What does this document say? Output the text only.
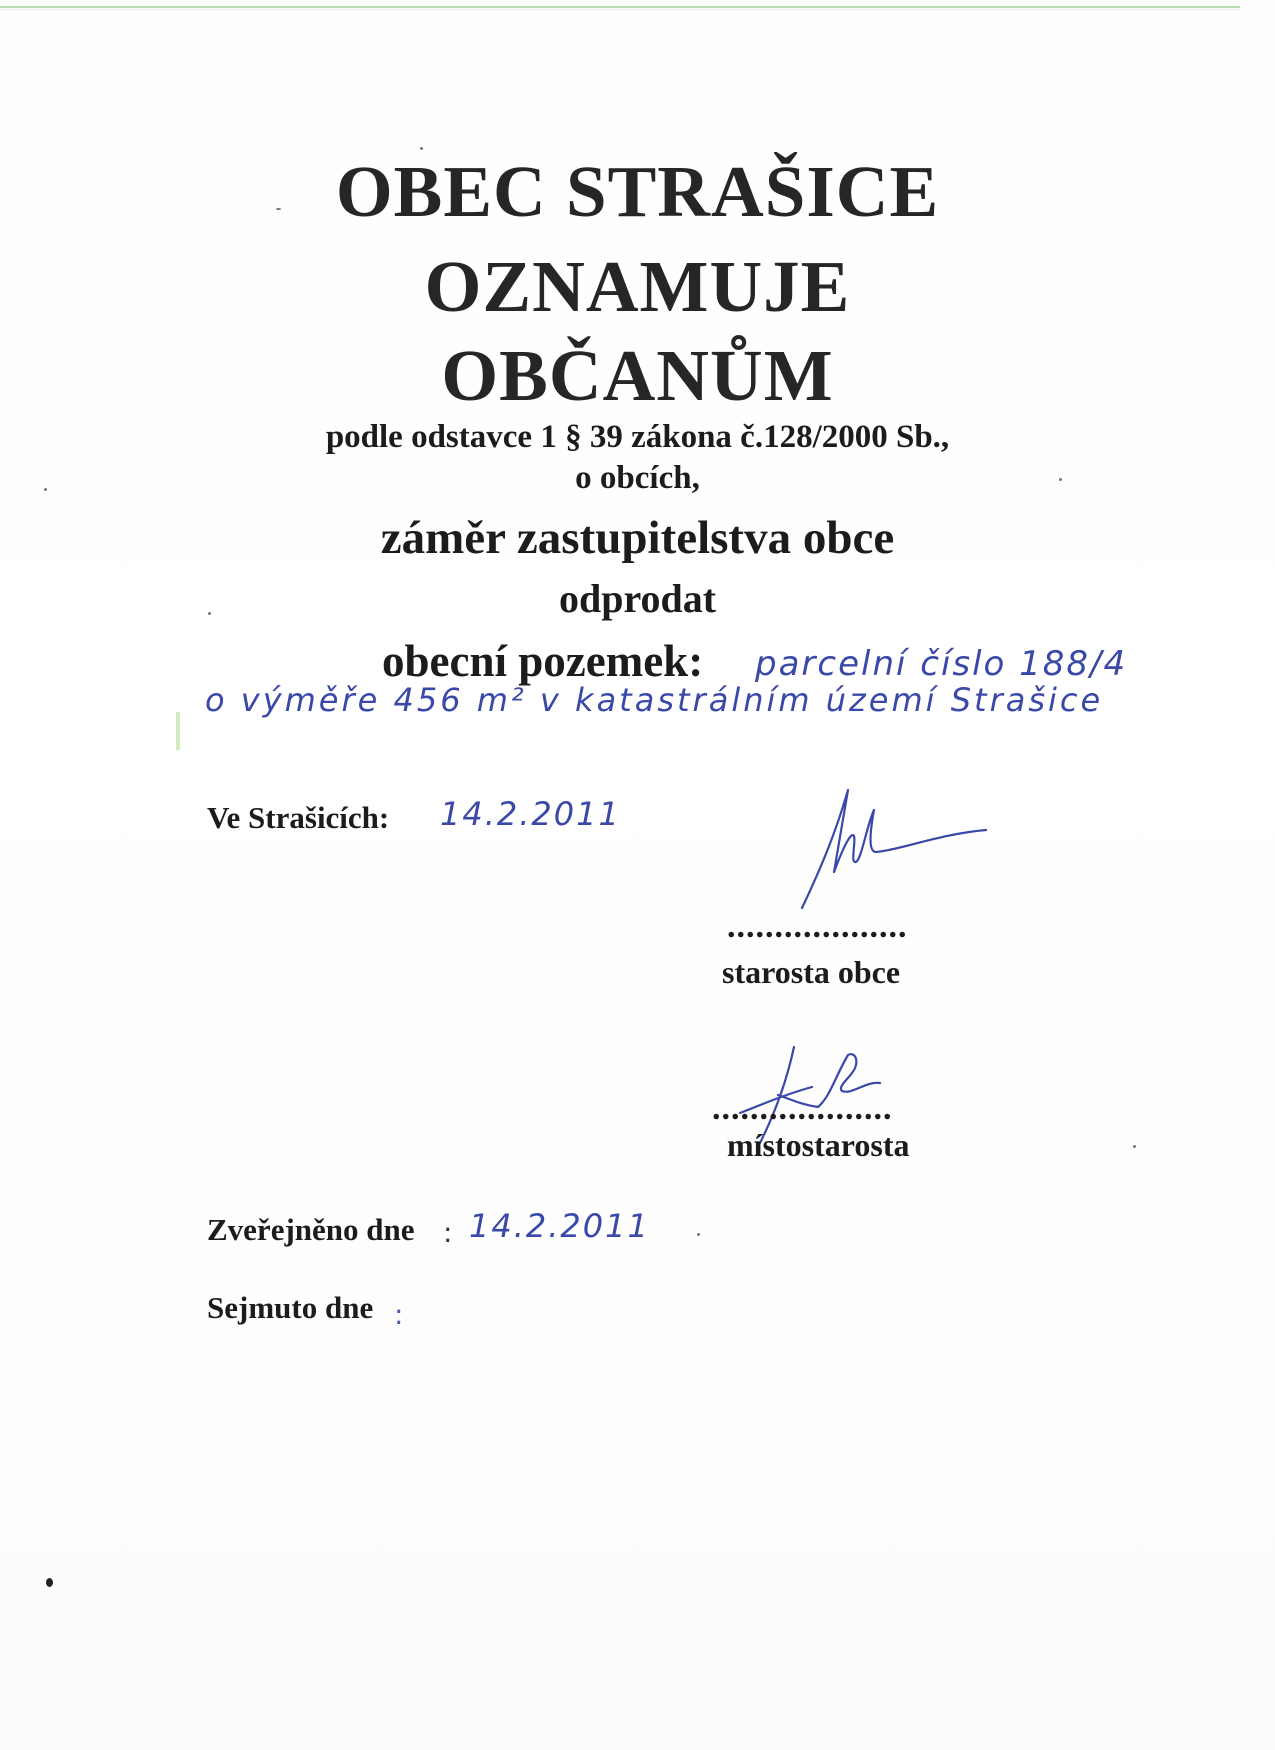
OBEC STRAŠICE
OZNAMUJE
OBČANŮM
podle odstavce 1 § 39 zákona č.128/2000 Sb.,
o obcích,
záměr zastupitelstva obce
odprodat
obecní pozemek: parcelní číslo 188/4
o výměře 456 m² v katastrálním území Strašice
Ve Strašicích: 14.2.2011
...................
starosta obce
...................
místostarosta
Zveřejněno dne : 14.2.2011
Sejmuto dne :
